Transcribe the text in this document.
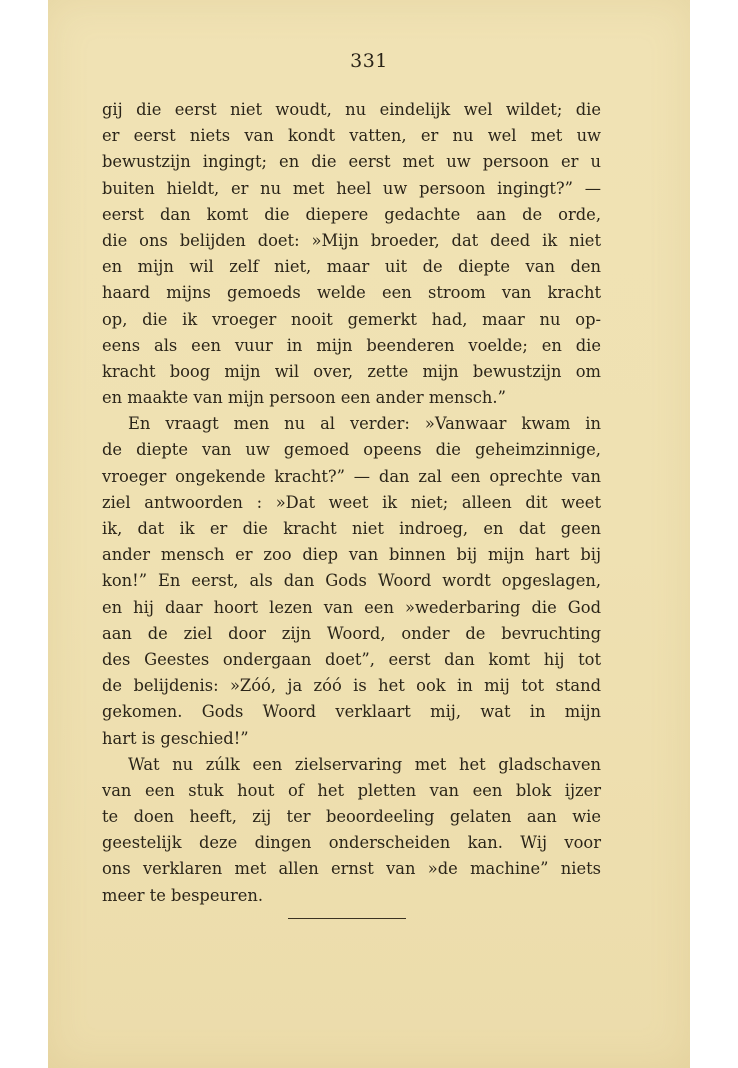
331
gij die eerst niet woudt, nu eindelijk wel wildet; die
er eerst niets van kondt vatten, er nu wel met uw
bewustzijn ingingt; en die eerst met uw persoon er u
buiten hieldt, er nu met heel uw persoon ingingt?” —
eerst dan komt die diepere gedachte aan de orde,
die ons belijden doet: »Mijn broeder, dat deed ik niet
en mijn wil zelf niet, maar uit de diepte van den
haard mijns gemoeds welde een stroom van kracht
op, die ik vroeger nooit gemerkt had, maar nu op-
eens als een vuur in mijn beenderen voelde; en die
kracht boog mijn wil over, zette mijn bewustzijn om
en maakte van mijn persoon een ander mensch.”
En vraagt men nu al verder: »Vanwaar kwam in
de diepte van uw gemoed opeens die geheimzinnige,
vroeger ongekende kracht?” — dan zal een oprechte van
ziel antwoorden : »Dat weet ik niet; alleen dit weet
ik, dat ik er die kracht niet indroeg, en dat geen
ander mensch er zoo diep van binnen bij mijn hart bij
kon!” En eerst, als dan Gods Woord wordt opgeslagen,
en hij daar hoort lezen van een »wederbaring die God
aan de ziel door zijn Woord, onder de bevruchting
des Geestes ondergaan doet”, eerst dan komt hij tot
de belijdenis: »Zóó, ja zóó is het ook in mij tot stand
gekomen. Gods Woord verklaart mij, wat in mijn
hart is geschied!”
Wat nu zúlk een zielservaring met het gladschaven
van een stuk hout of het pletten van een blok ijzer
te doen heeft, zij ter beoordeeling gelaten aan wie
geestelijk deze dingen onderscheiden kan. Wij voor
ons verklaren met allen ernst van »de machine” niets
meer te bespeuren.
